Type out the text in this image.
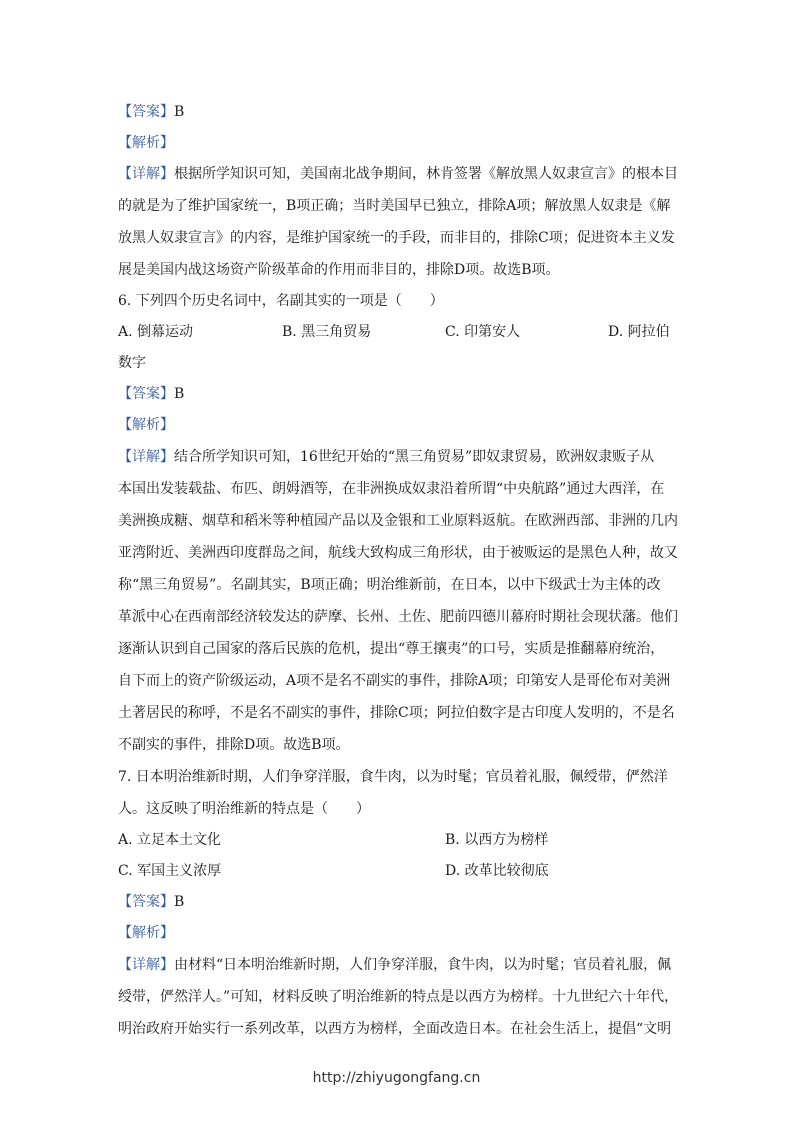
【答案】B
【解析】
【详解】根据所学知识可知，美国南北战争期间，林肯签署《解放黑人奴隶宣言》的根本目
的就是为了维护国家统一，B项正确；当时美国早已独立，排除A项；解放黑人奴隶是《解
放黑人奴隶宣言》的内容，是维护国家统一的手段，而非目的，排除C项；促进资本主义发
展是美国内战这场资产阶级革命的作用而非目的，排除D项。故选B项。
6. 下列四个历史名词中，名副其实的一项是（　　）
A. 倒幕运动	B. 黑三角贸易	C. 印第安人	D. 阿拉伯
数字
【答案】B
【解析】
【详解】结合所学知识可知，16世纪开始的“黑三角贸易”即奴隶贸易，欧洲奴隶贩子从
本国出发装载盐、布匹、朗姆酒等，在非洲换成奴隶沿着所谓“中央航路”通过大西洋，在
美洲换成糖、烟草和稻米等种植园产品以及金银和工业原料返航。在欧洲西部、非洲的几内
亚湾附近、美洲西印度群岛之间，航线大致构成三角形状，由于被贩运的是黑色人种，故又
称“黑三角贸易”。名副其实，B项正确；明治维新前，在日本，以中下级武士为主体的改
革派中心在西南部经济较发达的萨摩、长州、土佐、肥前四德川幕府时期社会现状藩。他们
逐渐认识到自己国家的落后民族的危机，提出“尊王攘夷”的口号，实质是推翻幕府统治，
自下而上的资产阶级运动，A项不是名不副实的事件，排除A项；印第安人是哥伦布对美洲
土著居民的称呼，不是名不副实的事件，排除C项；阿拉伯数字是古印度人发明的，不是名
不副实的事件，排除D项。故选B项。
7. 日本明治维新时期，人们争穿洋服，食牛肉，以为时髦；官员着礼服，佩绶带，俨然洋
人。这反映了明治维新的特点是（　　）
A. 立足本土文化	B. 以西方为榜样
C. 军国主义浓厚	D. 改革比较彻底
【答案】B
【解析】
【详解】由材料“日本明治维新时期，人们争穿洋服，食牛肉，以为时髦；官员着礼服，佩
绶带，俨然洋人。”可知，材料反映了明治维新的特点是以西方为榜样。十九世纪六十年代，
明治政府开始实行一系列改革，以西方为榜样，全面改造日本。在社会生活上，提倡“文明
http://zhiyugongfang.cn
